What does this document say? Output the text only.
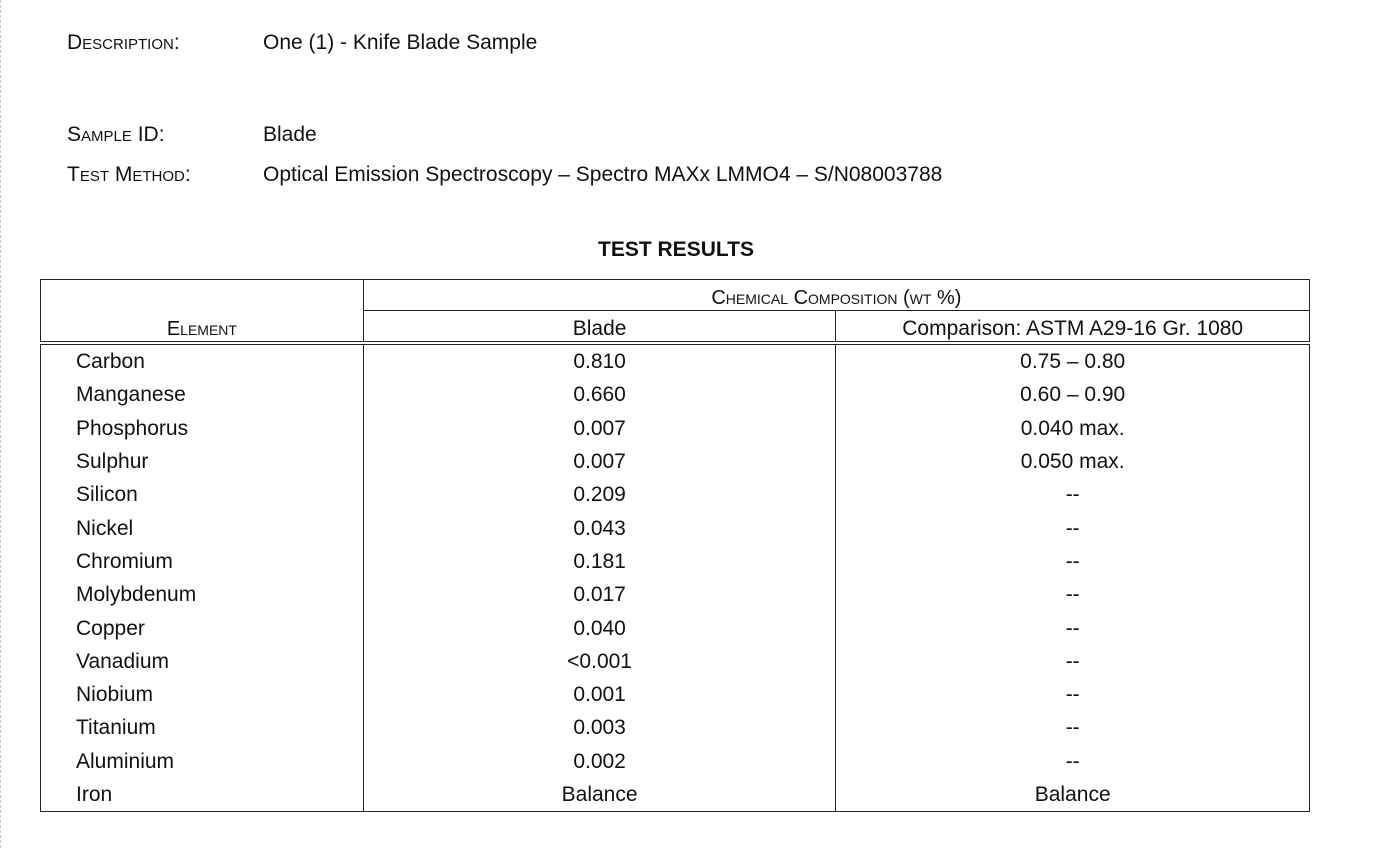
Description:	One (1) - Knife Blade Sample
Sample ID:	Blade
Test Method:	Optical Emission Spectroscopy – Spectro MAXx LMMO4 – S/N08003788
TEST RESULTS
	Chemical Composition (wt %)	
Element	Blade	Comparison: ASTM A29-16 Gr. 1080
Carbon	0.810	0.75 – 0.80
Manganese	0.660	0.60 – 0.90
Phosphorus	0.007	0.040 max.
Sulphur	0.007	0.050 max.
Silicon	0.209	--
Nickel	0.043	--
Chromium	0.181	--
Molybdenum	0.017	--
Copper	0.040	--
Vanadium	<0.001	--
Niobium	0.001	--
Titanium	0.003	--
Aluminium	0.002	--
Iron	Balance	Balance
